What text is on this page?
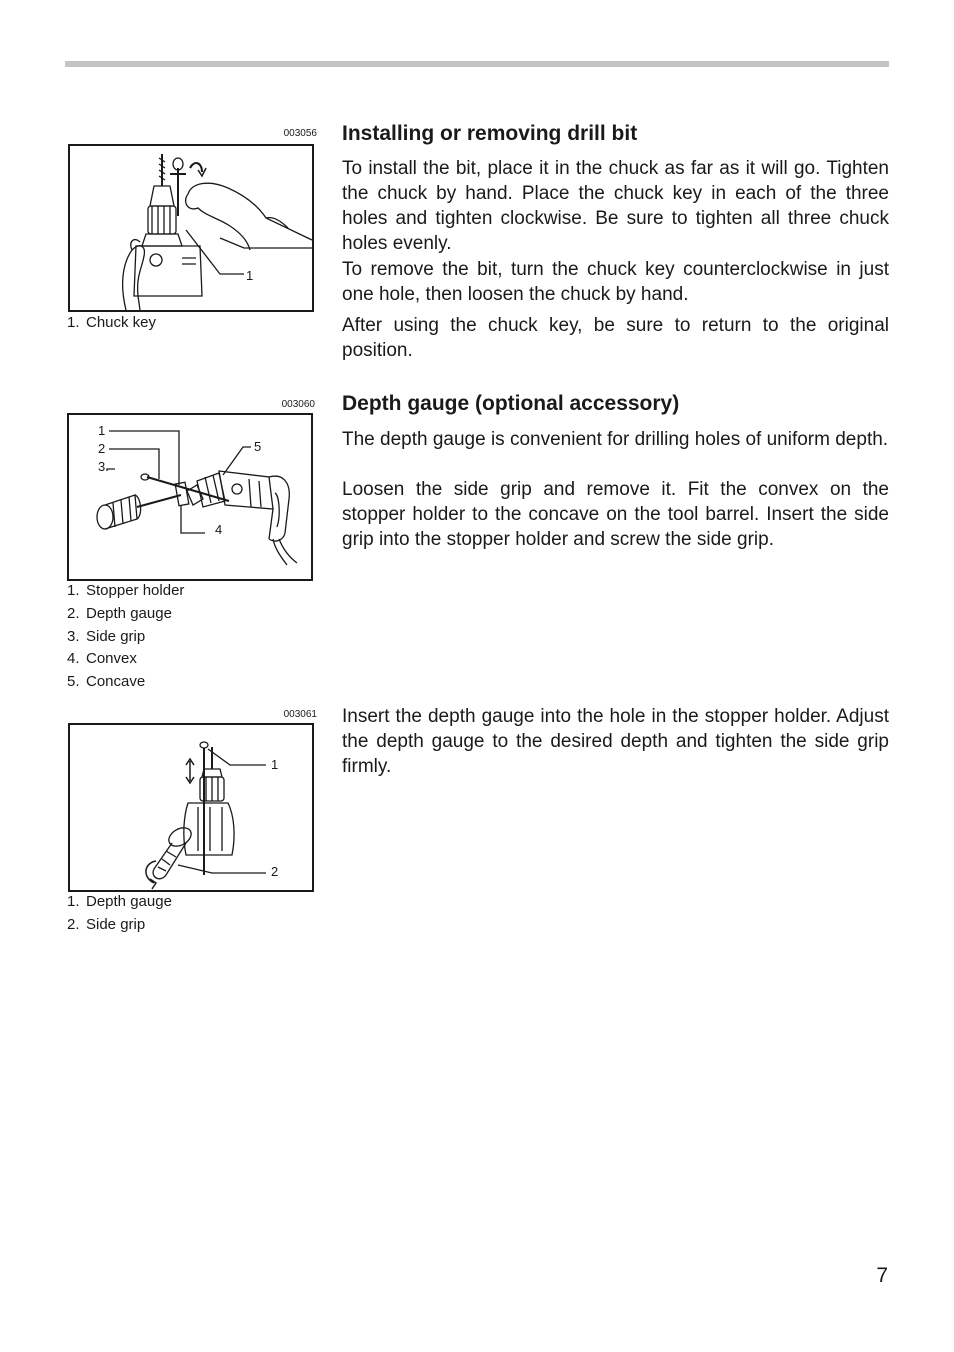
003056
1
1. Chuck key
003060
1
2
3
4
5
1. Stopper holder
2. Depth gauge
3. Side grip
4. Convex
5. Concave
003061
1
2
1. Depth gauge
2. Side grip
Installing or removing drill bit

To install the bit, place it in the chuck as far as it will go. Tighten the chuck by hand. Place the chuck key in each of the three holes and tighten clockwise. Be sure to tighten all three chuck holes evenly.

To remove the bit, turn the chuck key counterclockwise in just one hole, then loosen the chuck by hand.

After using the chuck key, be sure to return to the original position.

Depth gauge (optional accessory)

The depth gauge is convenient for drilling holes of uniform depth.

Loosen the side grip and remove it. Fit the convex on the stopper holder to the concave on the tool barrel. Insert the side grip into the stopper holder and screw the side grip.

Insert the depth gauge into the hole in the stopper holder. Adjust the depth gauge to the desired depth and tighten the side grip firmly.

7
